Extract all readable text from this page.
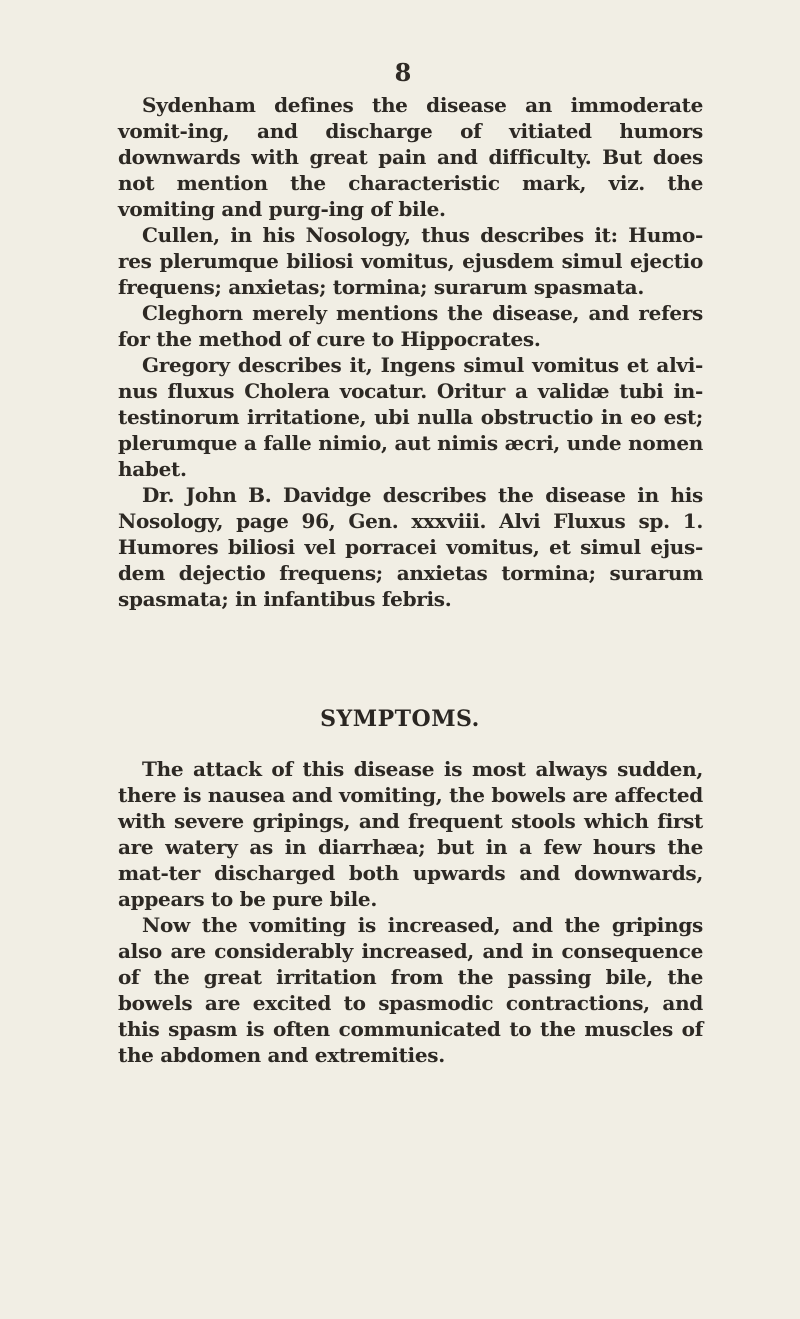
8

Sydenham defines the disease an immoderate vomit-ing, and discharge of vitiated humors downwards with great pain and difficulty. But does not mention the characteristic mark, viz. the vomiting and purg-ing of bile.

Cullen, in his Nosology, thus describes it: Humo-res plerumque biliosi vomitus, ejusdem simul ejectio frequens; anxietas; tormina; surarum spasmata.

Cleghorn merely mentions the disease, and refers for the method of cure to Hippocrates.

Gregory describes it, Ingens simul vomitus et alvi-nus fluxus Cholera vocatur. Oritur a validæ tubi in-testinorum irritatione, ubi nulla obstructio in eo est; plerumque a falle nimio, aut nimis æcri, unde nomen habet.

Dr. John B. Davidge describes the disease in his Nosology, page 96, Gen. xxxviii. Alvi Fluxus sp. 1. Humores biliosi vel porracei vomitus, et simul ejus-dem dejectio frequens; anxietas tormina; surarum spasmata; in infantibus febris.

SYMPTOMS.

The attack of this disease is most always sudden, there is nausea and vomiting, the bowels are affected with severe gripings, and frequent stools which first are watery as in diarrhæa; but in a few hours the mat-ter discharged both upwards and downwards, appears to be pure bile.

Now the vomiting is increased, and the gripings also are considerably increased, and in consequence of the great irritation from the passing bile, the bowels are excited to spasmodic contractions, and this spasm is often communicated to the muscles of the abdomen and extremities.
